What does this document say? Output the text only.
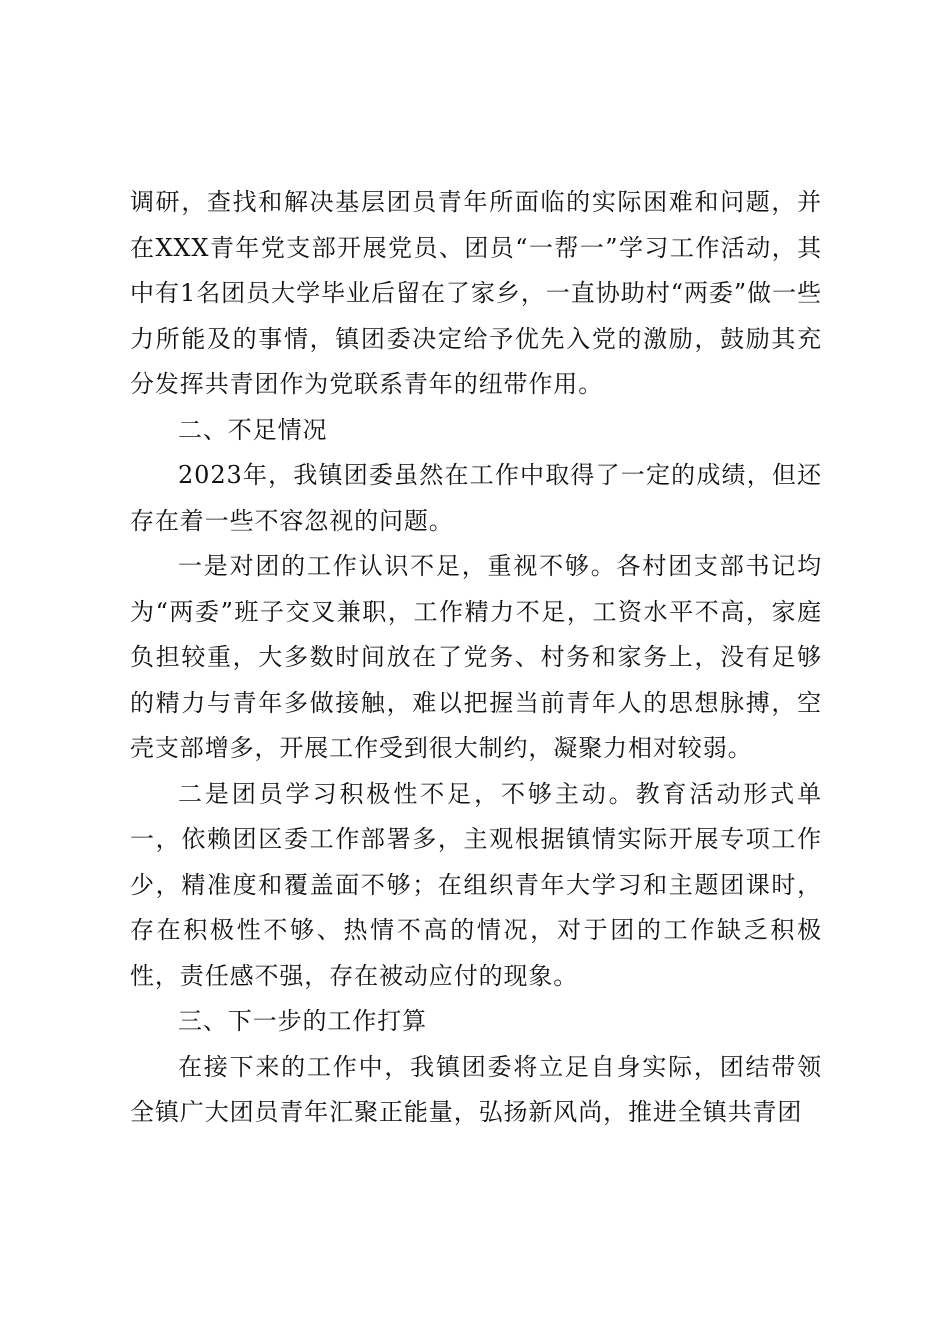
调研，查找和解决基层团员青年所面临的实际困难和问题，并在XXX青年党支部开展党员、团员“一帮一”学习工作活动，其中有1名团员大学毕业后留在了家乡，一直协助村“两委”做一些力所能及的事情，镇团委决定给予优先入党的激励，鼓励其充分发挥共青团作为党联系青年的纽带作用。

二、不足情况

2023年，我镇团委虽然在工作中取得了一定的成绩，但还存在着一些不容忽视的问题。

一是对团的工作认识不足，重视不够。各村团支部书记均为“两委”班子交叉兼职，工作精力不足，工资水平不高，家庭负担较重，大多数时间放在了党务、村务和家务上，没有足够的精力与青年多做接触，难以把握当前青年人的思想脉搏，空壳支部增多，开展工作受到很大制约，凝聚力相对较弱。

二是团员学习积极性不足，不够主动。教育活动形式单一，依赖团区委工作部署多，主观根据镇情实际开展专项工作少，精准度和覆盖面不够；在组织青年大学习和主题团课时，存在积极性不够、热情不高的情况，对于团的工作缺乏积极性，责任感不强，存在被动应付的现象。

三、下一步的工作打算

在接下来的工作中，我镇团委将立足自身实际，团结带领全镇广大团员青年汇聚正能量，弘扬新风尚，推进全镇共青团
